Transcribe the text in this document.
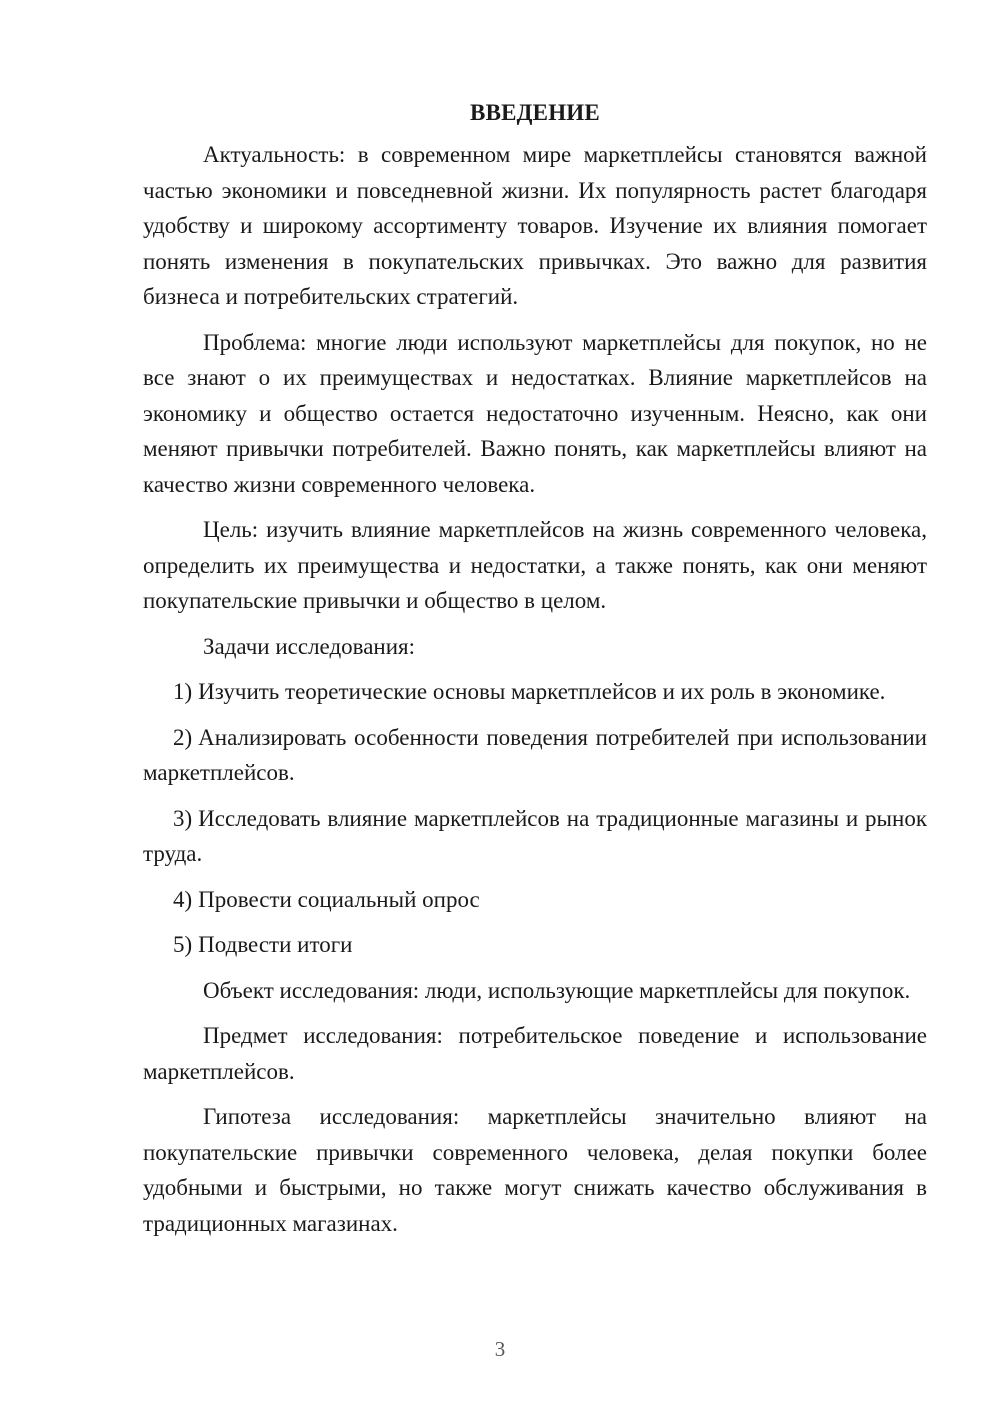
ВВЕДЕНИЕ

Актуальность: в современном мире маркетплейсы становятся важной частью экономики и повседневной жизни. Их популярность растет благодаря удобству и широкому ассортименту товаров. Изучение их влияния помогает понять изменения в покупательских привычках. Это важно для развития бизнеса и потребительских стратегий.

Проблема: многие люди используют маркетплейсы для покупок, но не все знают о их преимуществах и недостатках. Влияние маркетплейсов на экономику и общество остается недостаточно изученным. Неясно, как они меняют привычки потребителей. Важно понять, как маркетплейсы влияют на качество жизни современного человека.

Цель: изучить влияние маркетплейсов на жизнь современного человека, определить их преимущества и недостатки, а также понять, как они меняют покупательские привычки и общество в целом.

Задачи исследования:

1) Изучить теоретические основы маркетплейсов и их роль в экономике.
2) Анализировать особенности поведения потребителей при использовании маркетплейсов.
3) Исследовать влияние маркетплейсов на традиционные магазины и рынок труда.
4) Провести социальный опрос
5) Подвести итоги

Объект исследования: люди, использующие маркетплейсы для покупок.

Предмет исследования: потребительское поведение и использование маркетплейсов.

Гипотеза исследования: маркетплейсы значительно влияют на покупательские привычки современного человека, делая покупки более удобными и быстрыми, но также могут снижать качество обслуживания в традиционных магазинах.

3
